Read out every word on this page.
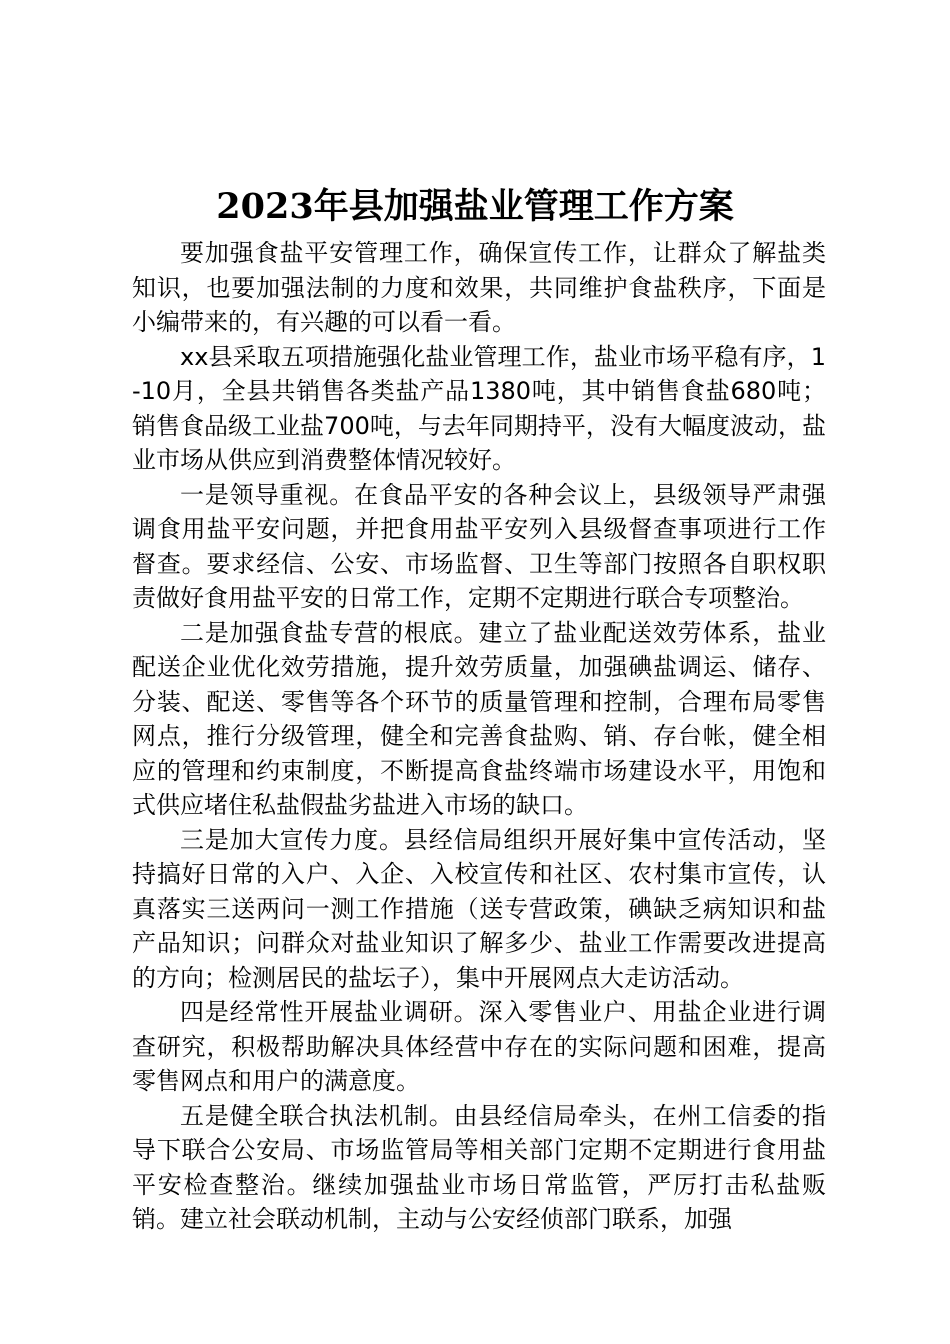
2023年县加强盐业管理工作方案

要加强食盐平安管理工作，确保宣传工作，让群众了解盐类知识，也要加强法制的力度和效果，共同维护食盐秩序，下面是小编带来的，有兴趣的可以看一看。

xx县采取五项措施强化盐业管理工作，盐业市场平稳有序，1-10月，全县共销售各类盐产品1380吨，其中销售食盐680吨；销售食品级工业盐700吨，与去年同期持平，没有大幅度波动，盐业市场从供应到消费整体情况较好。

一是领导重视。在食品平安的各种会议上，县级领导严肃强调食用盐平安问题，并把食用盐平安列入县级督查事项进行工作督查。要求经信、公安、市场监督、卫生等部门按照各自职权职责做好食用盐平安的日常工作，定期不定期进行联合专项整治。

二是加强食盐专营的根底。建立了盐业配送效劳体系，盐业配送企业优化效劳措施，提升效劳质量，加强碘盐调运、储存、分装、配送、零售等各个环节的质量管理和控制，合理布局零售网点，推行分级管理，健全和完善食盐购、销、存台帐，健全相应的管理和约束制度，不断提高食盐终端市场建设水平，用饱和式供应堵住私盐假盐劣盐进入市场的缺口。

三是加大宣传力度。县经信局组织开展好集中宣传活动，坚持搞好日常的入户、入企、入校宣传和社区、农村集市宣传，认真落实三送两问一测工作措施（送专营政策，碘缺乏病知识和盐产品知识；问群众对盐业知识了解多少、盐业工作需要改进提高的方向；检测居民的盐坛子），集中开展网点大走访活动。

四是经常性开展盐业调研。深入零售业户、用盐企业进行调查研究，积极帮助解决具体经营中存在的实际问题和困难，提高零售网点和用户的满意度。

五是健全联合执法机制。由县经信局牵头，在州工信委的指导下联合公安局、市场监管局等相关部门定期不定期进行食用盐平安检查整治。继续加强盐业市场日常监管，严厉打击私盐贩销。建立社会联动机制，主动与公安经侦部门联系，加强
